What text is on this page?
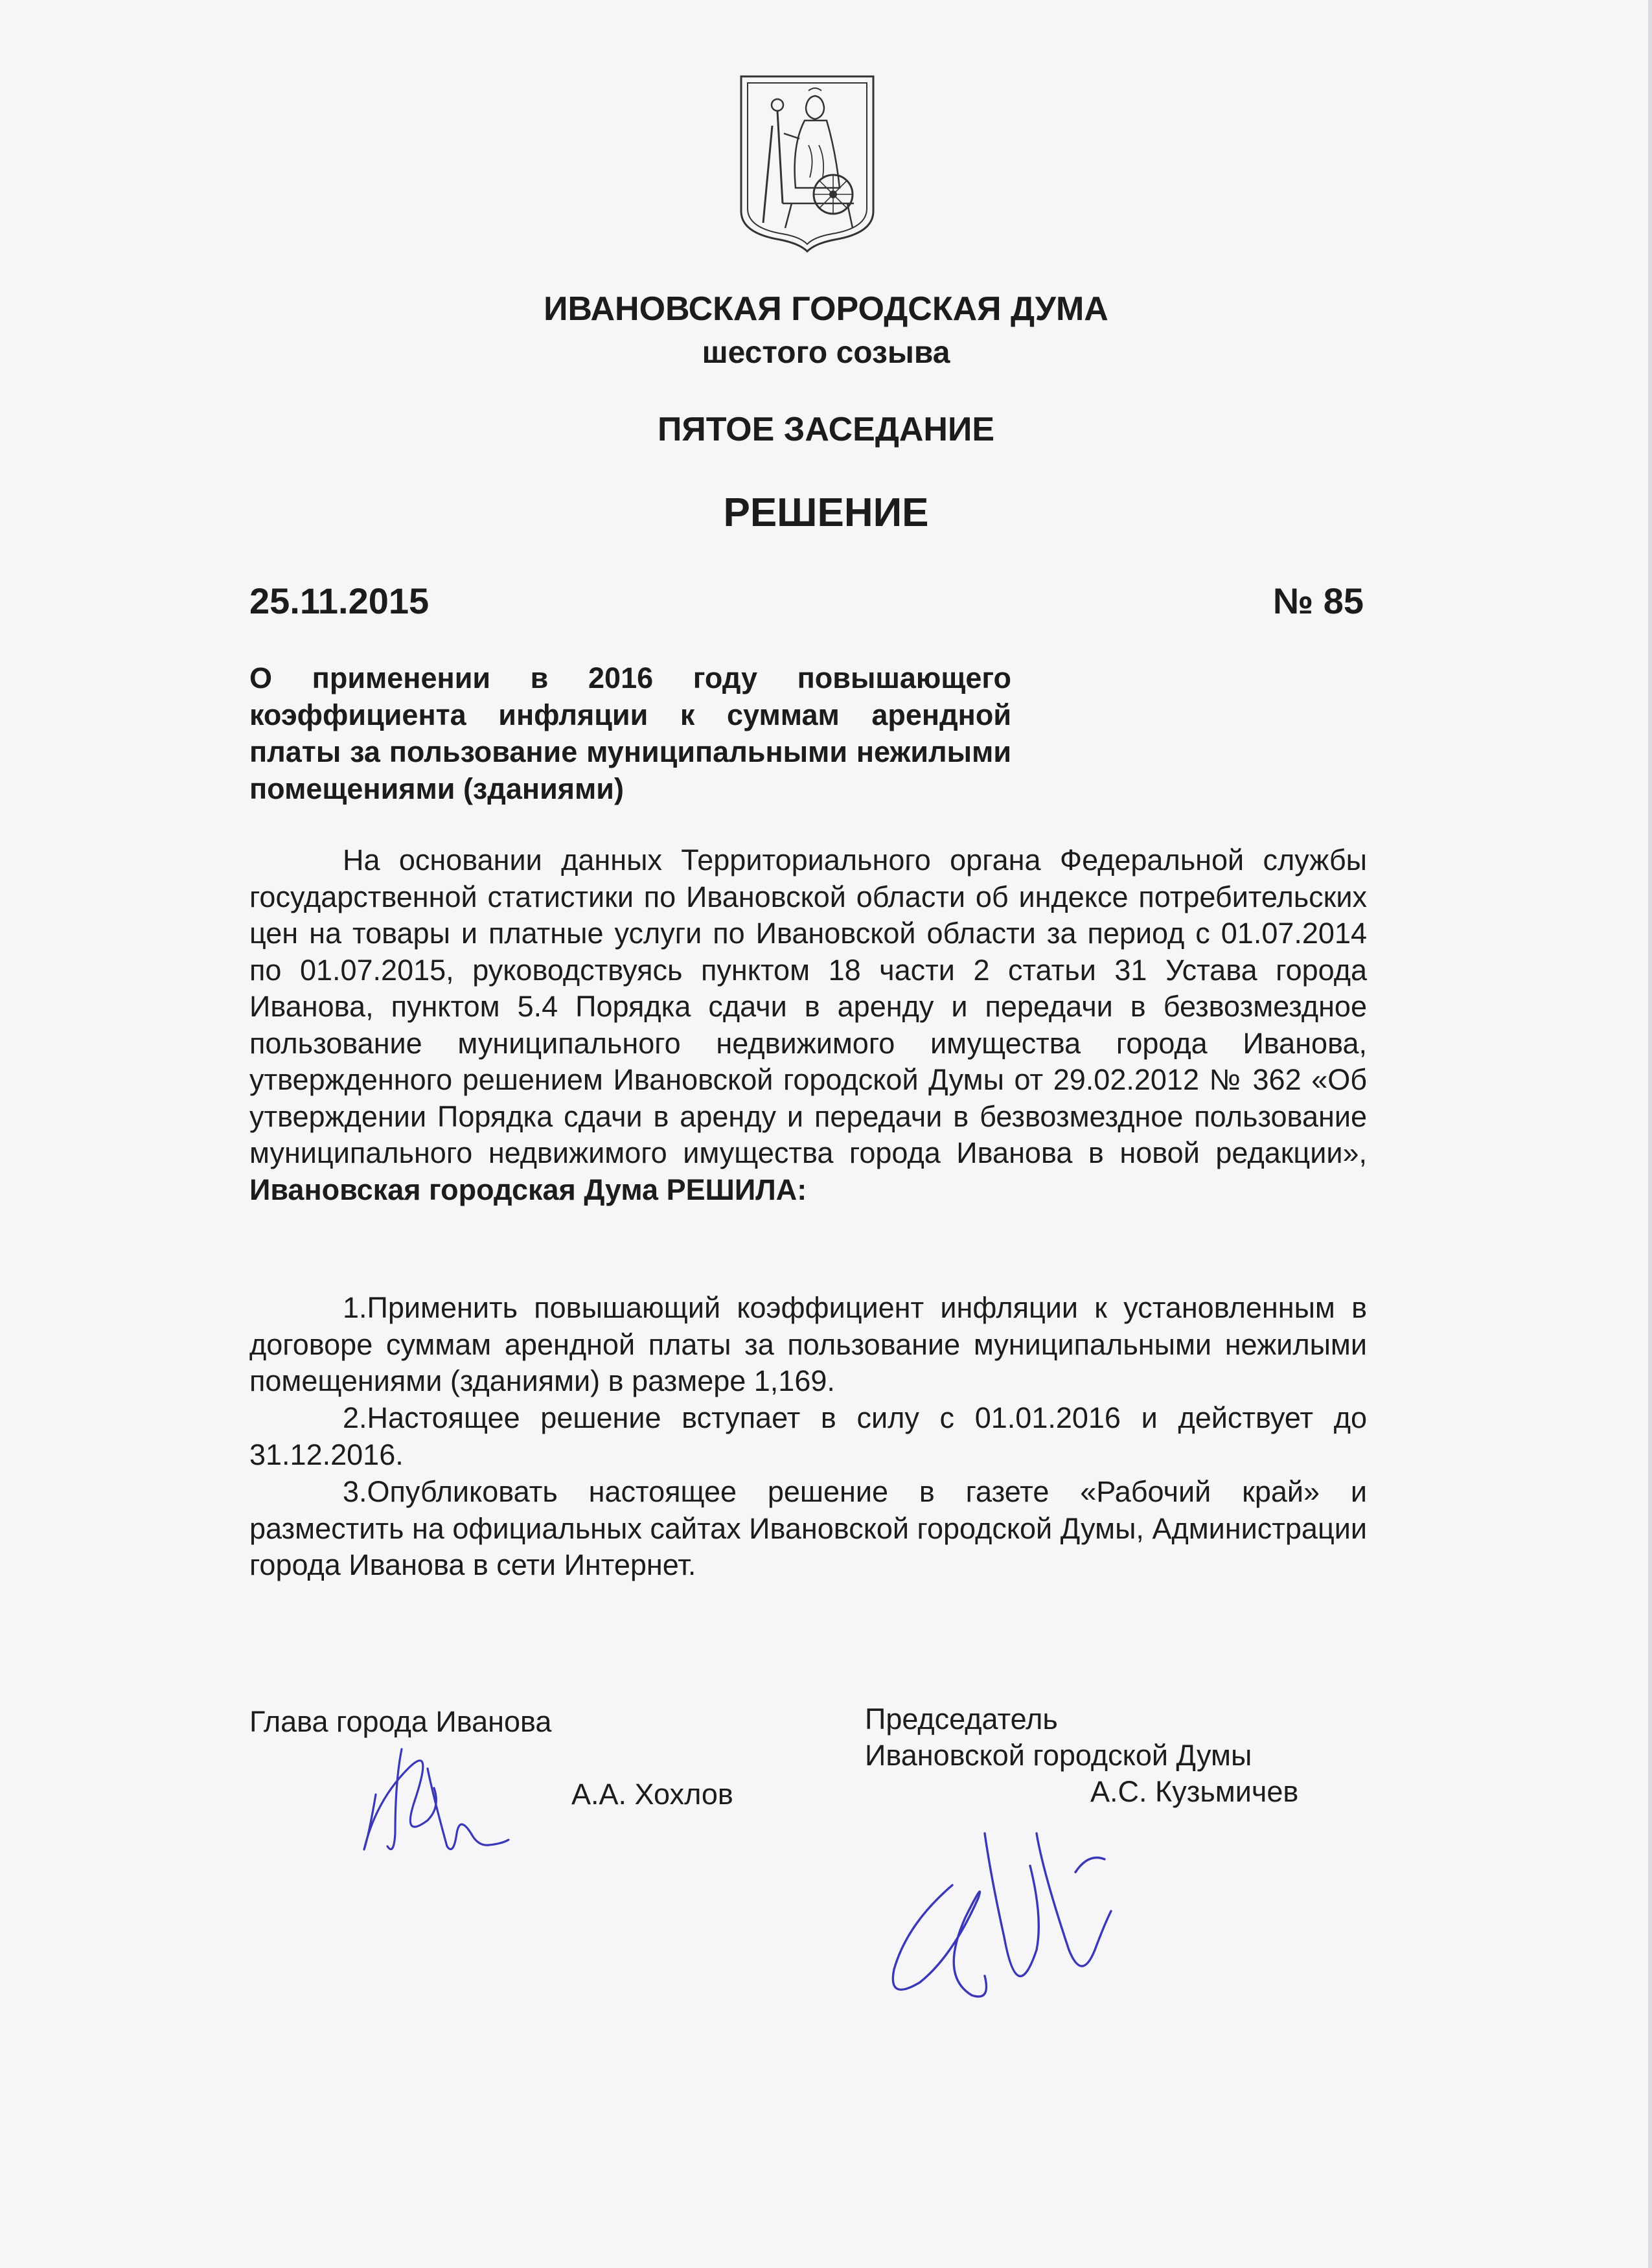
ИВАНОВСКАЯ ГОРОДСКАЯ ДУМА
шестого созыва
ПЯТОЕ ЗАСЕДАНИЕ
РЕШЕНИЕ
25.11.2015	№ 85

О применении в 2016 году повышающего коэффициента инфляции к суммам арендной платы за пользование муниципальными нежилыми помещениями (зданиями)

На основании данных Территориального органа Федеральной службы государственной статистики по Ивановской области об индексе потребительских цен на товары и платные услуги по Ивановской области за период с 01.07.2014 по 01.07.2015, руководствуясь пунктом 18 части 2 статьи 31 Устава города Иванова, пунктом 5.4 Порядка сдачи в аренду и передачи в безвозмездное пользование муниципального недвижимого имущества города Иванова, утвержденного решением Ивановской городской Думы от 29.02.2012 № 362 «Об утверждении Порядка сдачи в аренду и передачи в безвозмездное пользование муниципального недвижимого имущества города Иванова в новой редакции», Ивановская городская Дума РЕШИЛА:

1.Применить повышающий коэффициент инфляции к установленным в договоре суммам арендной платы за пользование муниципальными нежилыми помещениями (зданиями) в размере 1,169.

2.Настоящее решение вступает в силу с 01.01.2016 и действует до 31.12.2016.

3.Опубликовать настоящее решение в газете «Рабочий край» и разместить на официальных сайтах Ивановской городской Думы, Администрации города Иванова в сети Интернет.

Глава города Иванова
А.А. Хохлов
Председатель
Ивановской городской Думы
А.С. Кузьмичев
